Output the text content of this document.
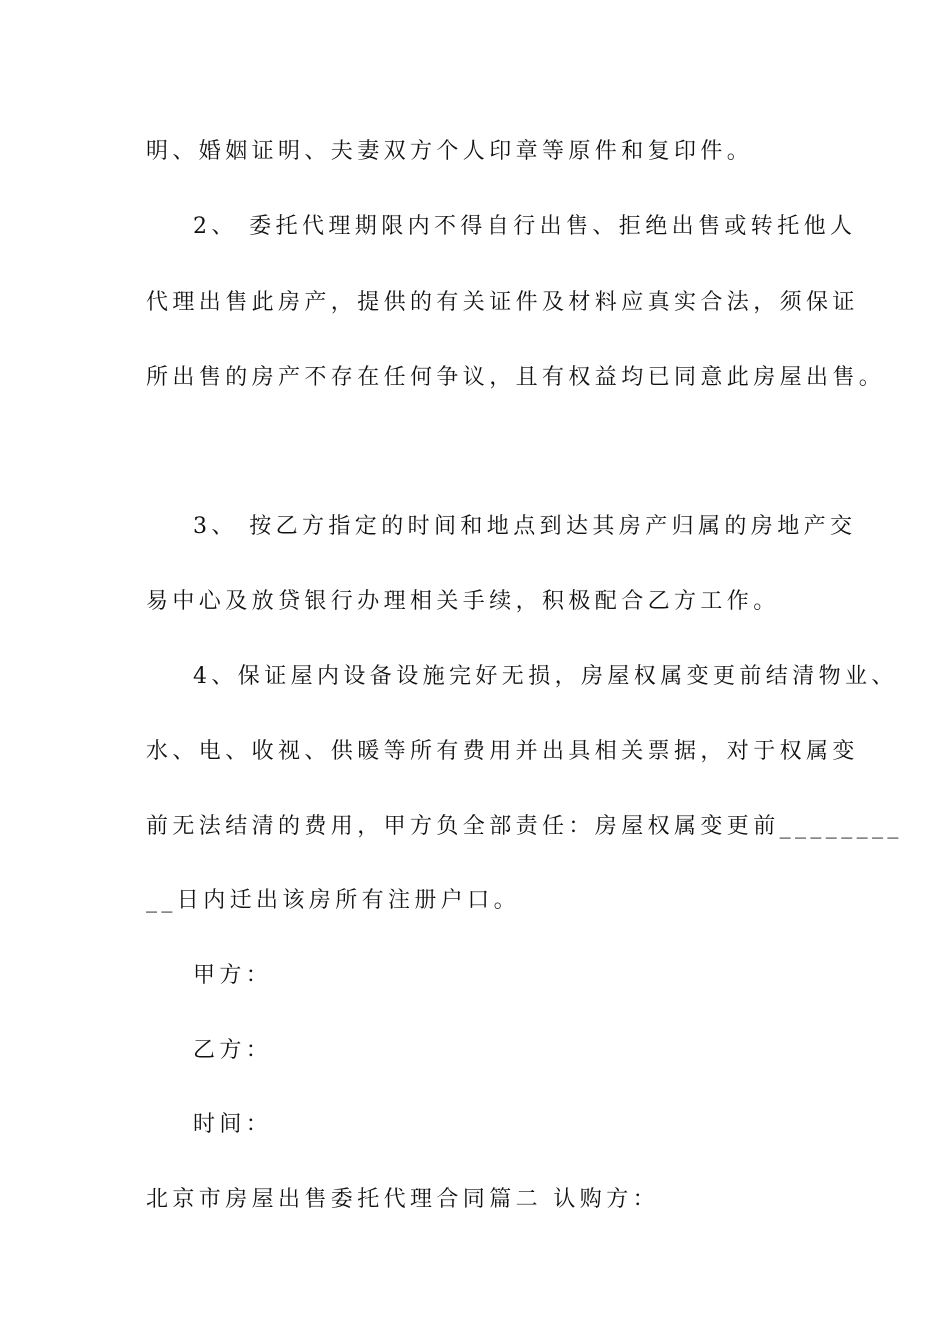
明、婚姻证明、夫妻双方个人印章等原件和复印件。
2、 委托代理期限内不得自行出售、拒绝出售或转托他人
代理出售此房产，提供的有关证件及材料应真实合法，须保证
所出售的房产不存在任何争议，且有权益均已同意此房屋出售。
3、 按乙方指定的时间和地点到达其房产归属的房地产交
易中心及放贷银行办理相关手续，积极配合乙方工作。
4、保证屋内设备设施完好无损，房屋权属变更前结清物业、
水、电、收视、供暖等所有费用并出具相关票据，对于权属变
前无法结清的费用，甲方负全部责任：房屋权属变更前________
__日内迁出该房所有注册户口。
甲方：
乙方：
时间：
北京市房屋出售委托代理合同篇二 认购方：
